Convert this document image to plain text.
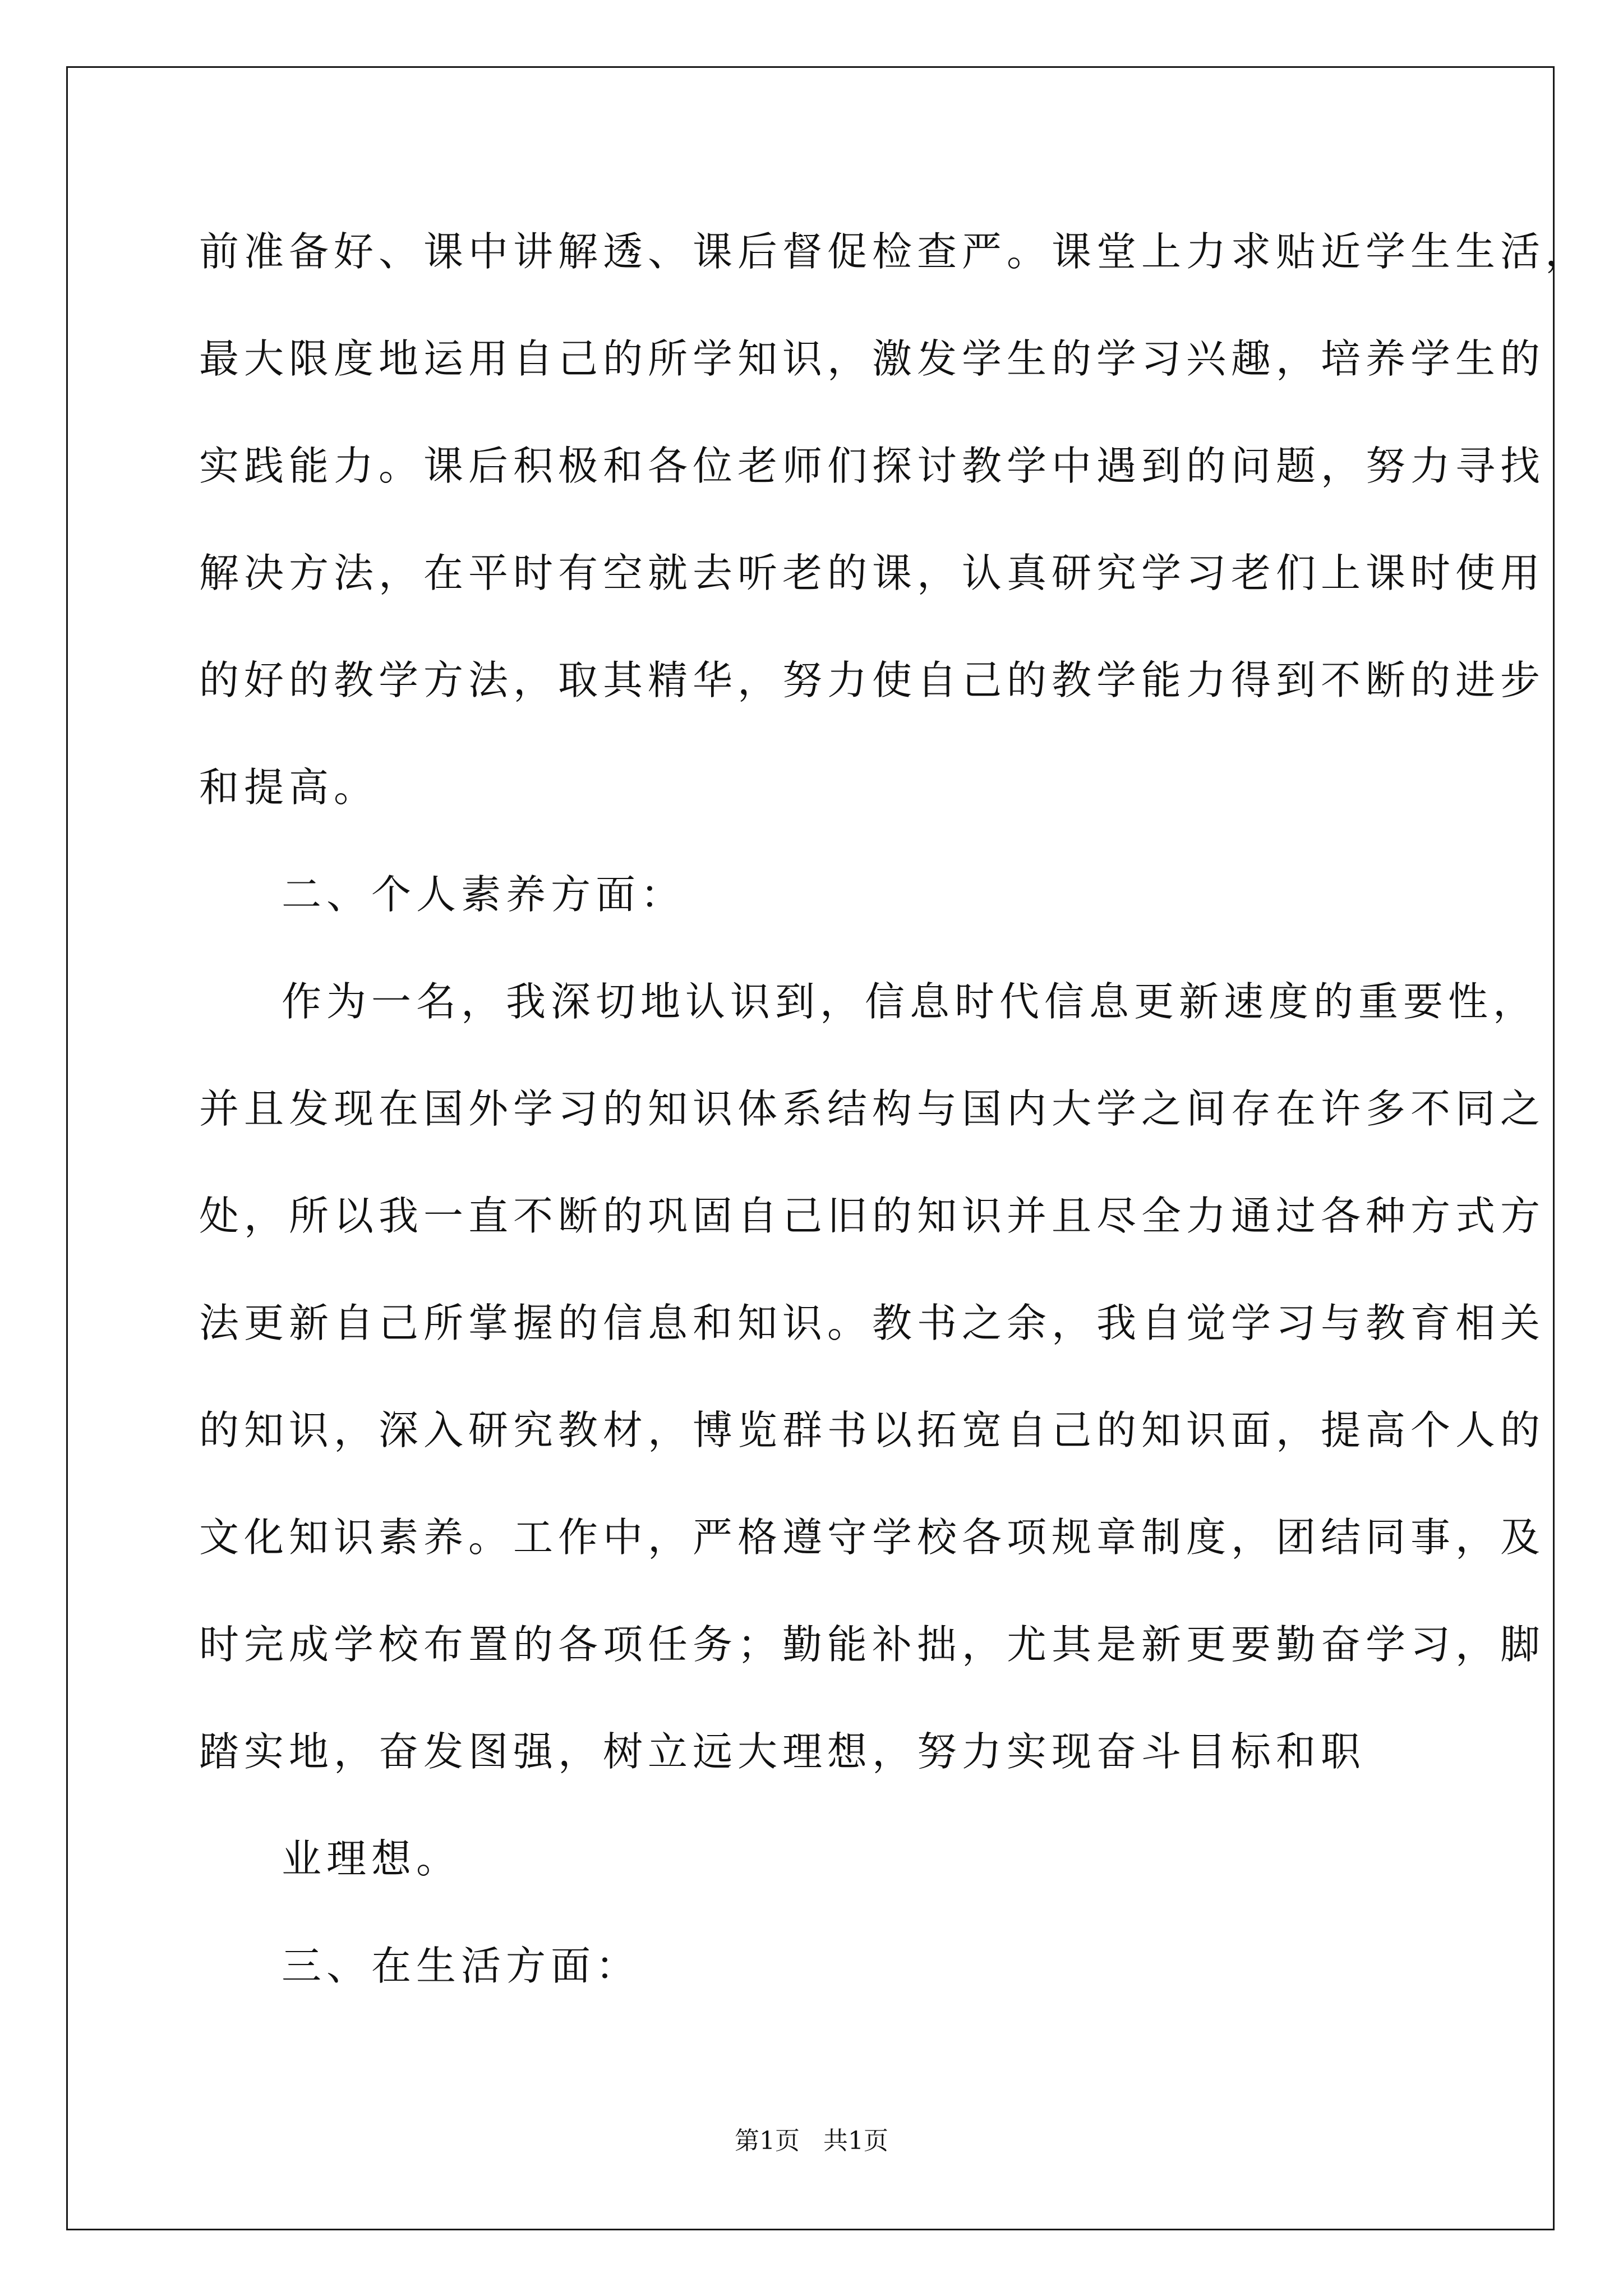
前准备好、课中讲解透、课后督促检查严。课堂上力求贴近学生生活，
最大限度地运用自己的所学知识，激发学生的学习兴趣，培养学生的
实践能力。课后积极和各位老师们探讨教学中遇到的问题，努力寻找
解决方法，在平时有空就去听老的课，认真研究学习老们上课时使用
的好的教学方法，取其精华，努力使自己的教学能力得到不断的进步
和提高。
二、个人素养方面：
作为一名，我深切地认识到，信息时代信息更新速度的重要性，
并且发现在国外学习的知识体系结构与国内大学之间存在许多不同之
处，所以我一直不断的巩固自己旧的知识并且尽全力通过各种方式方
法更新自己所掌握的信息和知识。教书之余，我自觉学习与教育相关
的知识，深入研究教材，博览群书以拓宽自己的知识面，提高个人的
文化知识素养。工作中，严格遵守学校各项规章制度，团结同事，及
时完成学校布置的各项任务；勤能补拙，尤其是新更要勤奋学习，脚
踏实地，奋发图强，树立远大理想，努力实现奋斗目标和职
业理想。
三、在生活方面：
第1页   共1页
